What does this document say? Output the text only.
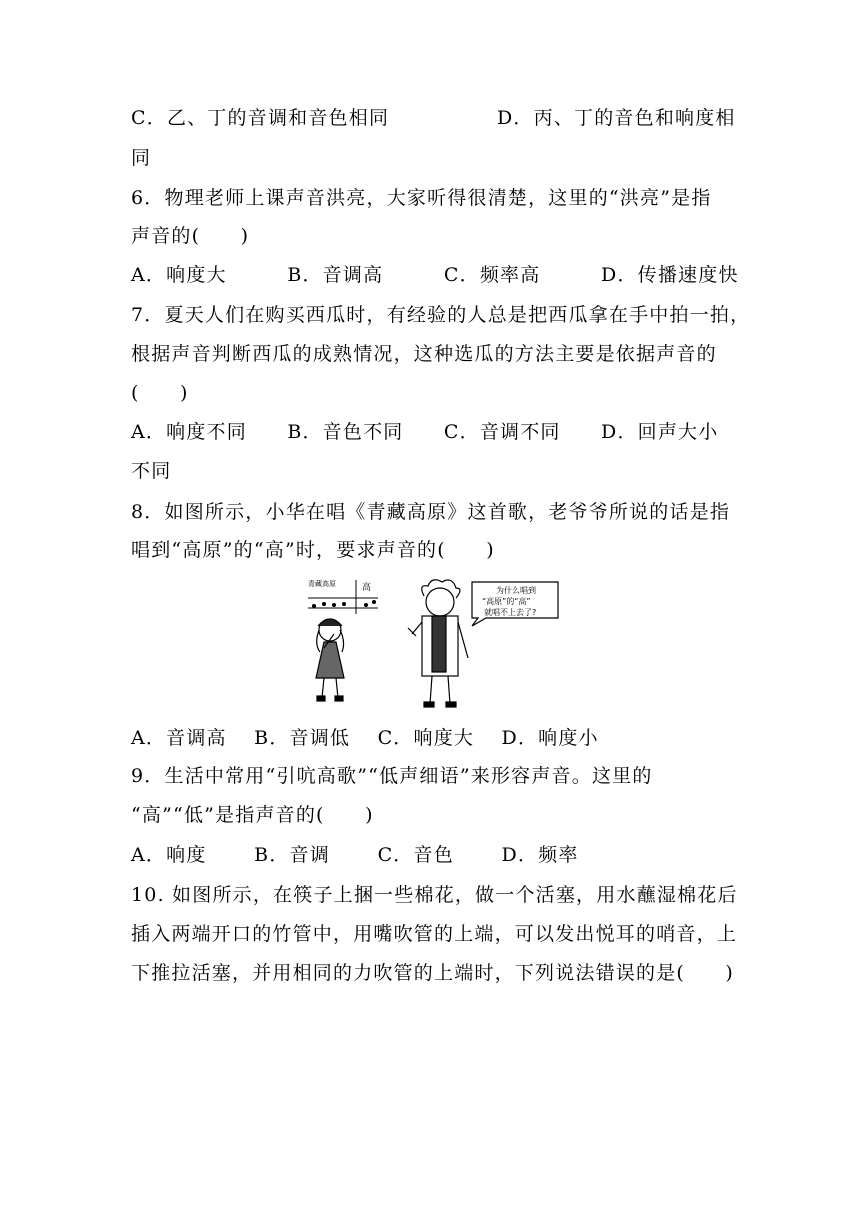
C．乙、丁的音调和音色相同	D．丙、丁的音色和响度相
同
6．物理老师上课声音洪亮，大家听得很清楚，这里的“洪亮”是指
声音的(　　)
A．响度大　　　B．音调高　　　C．频率高　　　D．传播速度快
7．夏天人们在购买西瓜时，有经验的人总是把西瓜拿在手中拍一拍，
根据声音判断西瓜的成熟情况，这种选瓜的方法主要是依据声音的
(　　)
A．响度不同　　B．音色不同　　C．音调不同　　D．回声大小
不同
8．如图所示，小华在唱《青藏高原》这首歌，老爷爷所说的话是指
唱到“高原”的“高”时，要求声音的(　　)
青藏高原	高	为什么唱到
“高原”的“高”
就唱不上去了?
A．音调高　 B．音调低　 C．响度大　 D．响度小
9．生活中常用“引吭高歌”“低声细语”来形容声音。这里的
“高”“低”是指声音的(　　)
A．响度　　 B．音调　　 C．音色　　 D．频率
10. 如图所示，在筷子上捆一些棉花，做一个活塞，用水蘸湿棉花后
插入两端开口的竹管中，用嘴吹管的上端，可以发出悦耳的哨音，上
下推拉活塞，并用相同的力吹管的上端时，下列说法错误的是(　　)
